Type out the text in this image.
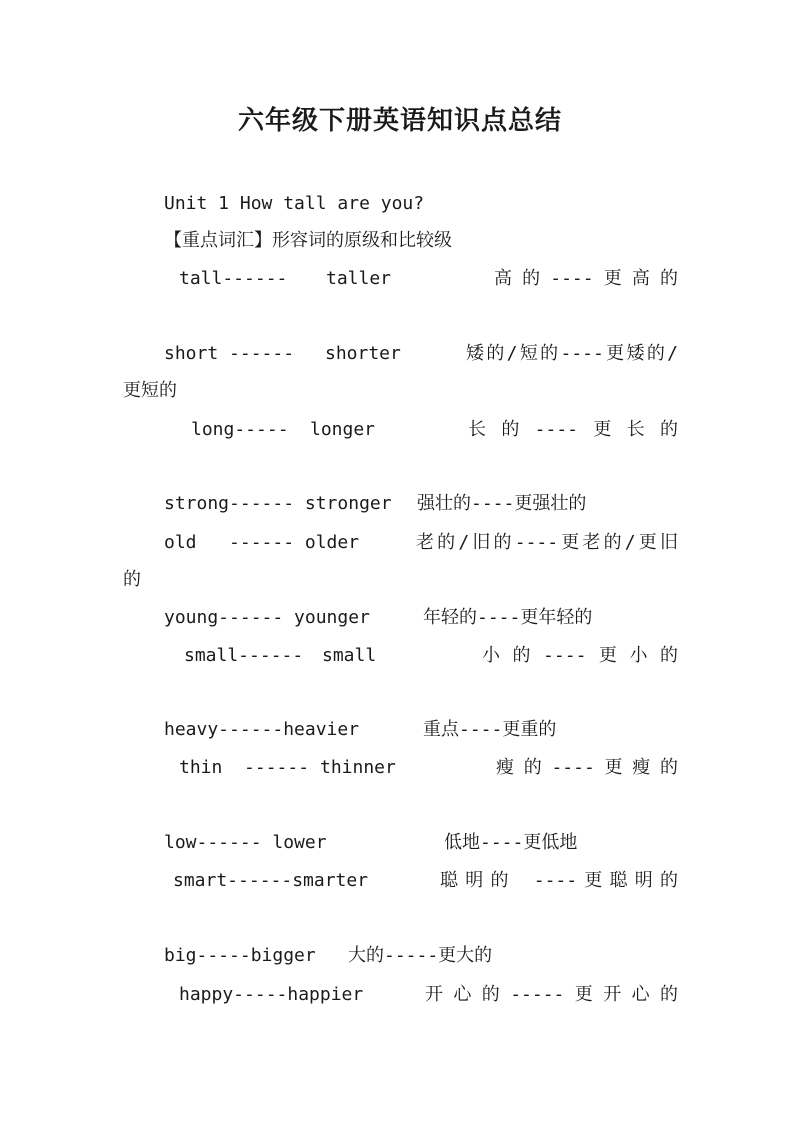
六年级下册英语知识点总结
Unit 1 How tall are you?
【重点词汇】形容词的原级和比较级
tall------ taller	高的----更高的
short ------ shorter	矮的/短的----更矮的/
更短的
long----- longer	长的----更长的
strong------ stronger 强壮的----更强壮的
old   ------ older	老的/旧的----更老的/更旧
的
young------ younger	年轻的----更年轻的
small------ small	小的----更小的
heavy------heavier	重点----更重的
thin  ------ thinner	瘦的----更瘦的
low------ lower	低地----更低地
smart------smarter	聪明的 ----更聪明的
big-----bigger 大的-----更大的
happy-----happier	开心的-----更开心的
